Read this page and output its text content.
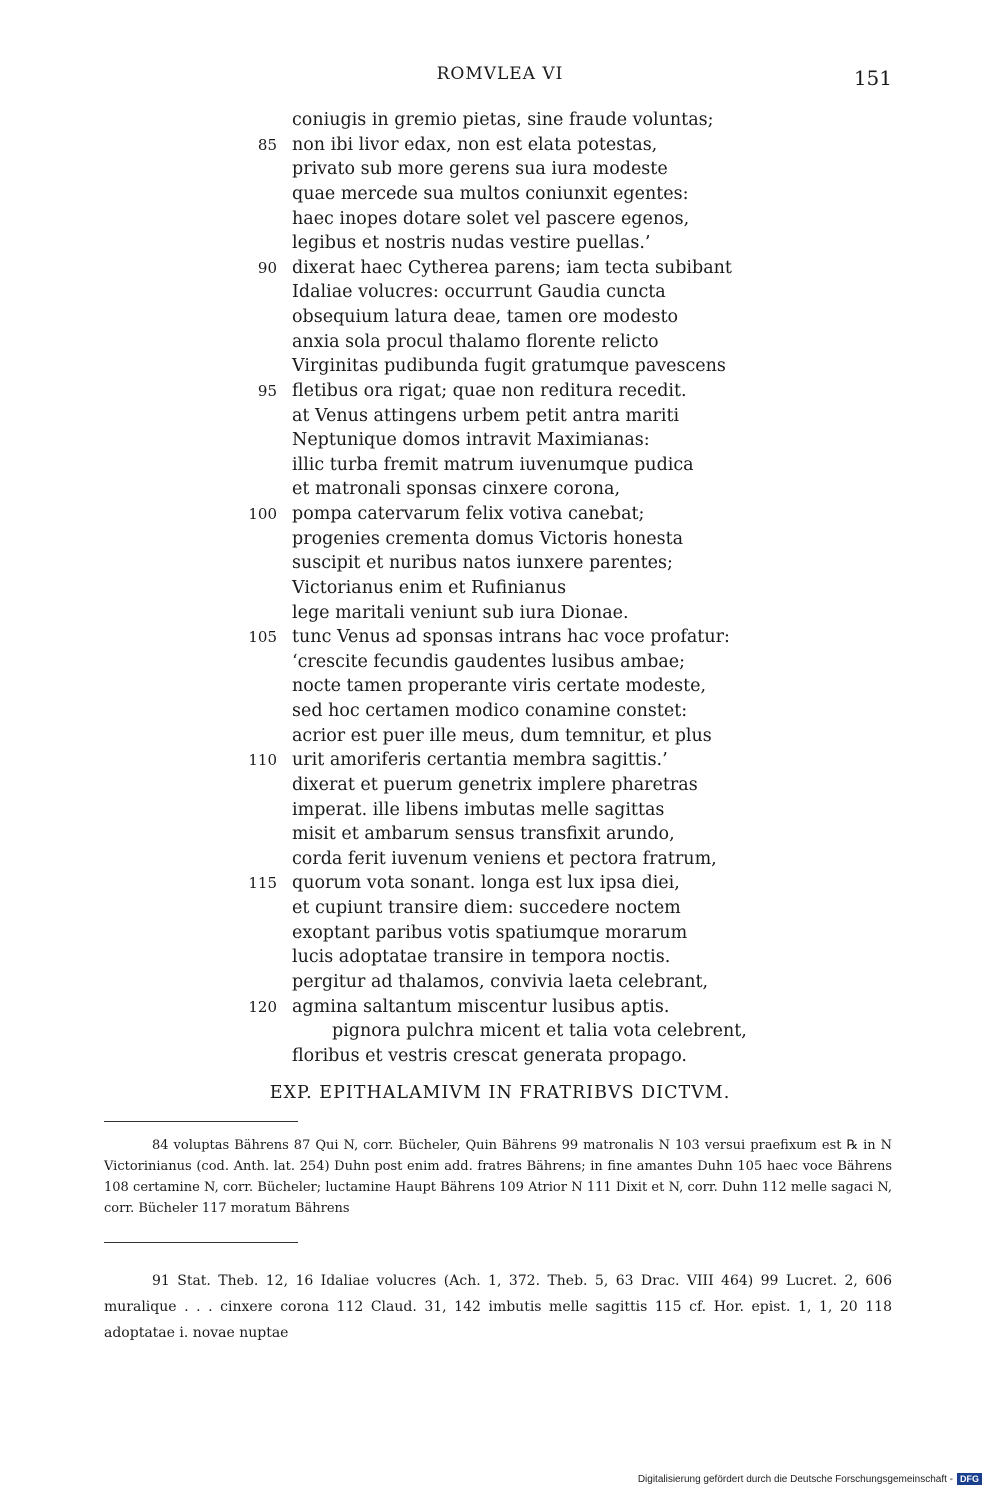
ROMVLEA VI	151
coniugis in gremio pietas, sine fraude voluntas;
85 non ibi livor edax, non est elata potestas,
privato sub more gerens sua iura modeste
quae mercede sua multos coniunxit egentes:
haec inopes dotare solet vel pascere egenos,
legibus et nostris nudas vestire puellas.’
90 dixerat haec Cytherea parens; iam tecta subibant
Idaliae volucres: occurrunt Gaudia cuncta
obsequium latura deae, tamen ore modesto
anxia sola procul thalamo florente relicto
Virginitas pudibunda fugit gratumque pavescens
95 fletibus ora rigat; quae non reditura recedit.
at Venus attingens urbem petit antra mariti
Neptunique domos intravit Maximianas:
illic turba fremit matrum iuvenumque pudica
et matronali sponsas cinxere corona,
100 pompa catervarum felix votiva canebat;
progenies crementa domus Victoris honesta
suscipit et nuribus natos iunxere parentes;
Victorianus enim et Rufinianus
lege maritali veniunt sub iura Dionae.
105 tunc Venus ad sponsas intrans hac voce profatur:
‘crescite fecundis gaudentes lusibus ambae;
nocte tamen properante viris certate modeste,
sed hoc certamen modico conamine constet:
acrior est puer ille meus, dum temnitur, et plus
110 urit amoriferis certantia membra sagittis.’
dixerat et puerum genetrix implere pharetras
imperat. ille libens imbutas melle sagittas
misit et ambarum sensus transfixit arundo,
corda ferit iuvenum veniens et pectora fratrum,
115 quorum vota sonant. longa est lux ipsa diei,
et cupiunt transire diem: succedere noctem
exoptant paribus votis spatiumque morarum
lucis adoptatae transire in tempora noctis.
pergitur ad thalamos, convivia laeta celebrant,
120 agmina saltantum miscentur lusibus aptis.
pignora pulchra micent et talia vota celebrent,
floribus et vestris crescat generata propago.
EXP. EPITHALAMIVM IN FRATRIBVS DICTVM.

84 voluptas Bährens 87 Qui N, corr. Bücheler, Quin Bährens 99 matronalis N 103 versui praefixum est ℞ in N Victorinianus (cod. Anth. lat. 254) Duhn post enim add. fratres Bährens; in fine amantes Duhn 105 haec voce Bährens 108 certamine N, corr. Bücheler; luctamine Haupt Bährens 109 Atrior N 111 Dixit et N, corr. Duhn 112 melle sagaci N, corr. Bücheler 117 moratum Bährens

91 Stat. Theb. 12, 16 Idaliae volucres (Ach. 1, 372. Theb. 5, 63 Drac. VIII 464) 99 Lucret. 2, 606 muralique . . . cinxere corona 112 Claud. 31, 142 imbutis melle sagittis 115 cf. Hor. epist. 1, 1, 20 118 adoptatae i. novae nuptae

Digitalisierung gefördert durch die Deutsche Forschungsgemeinschaft - DFG
